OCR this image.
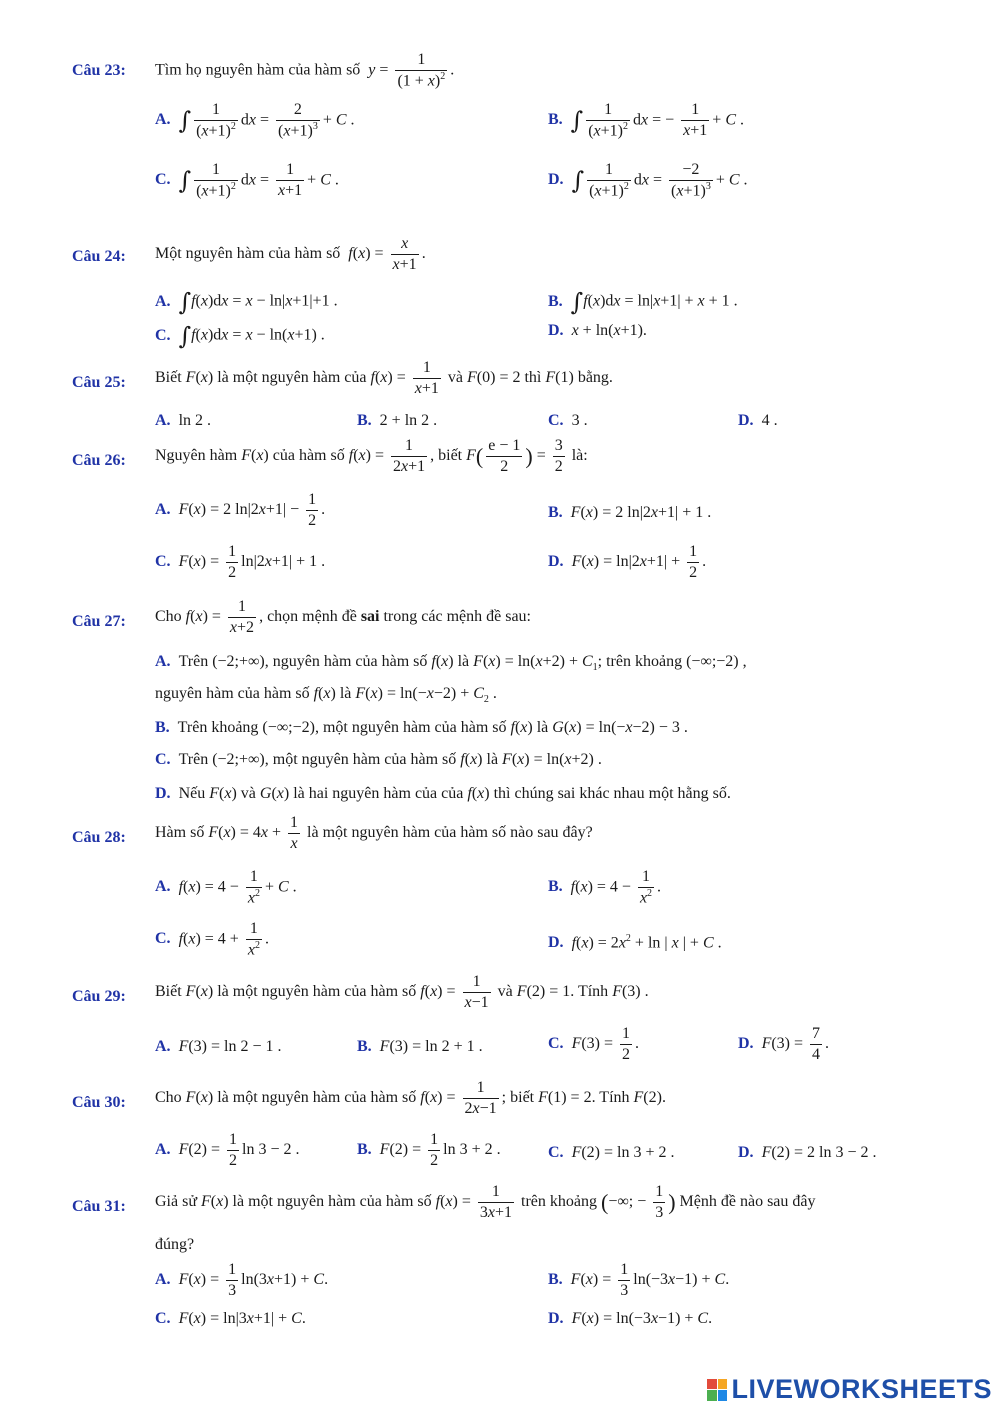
Câu 23: Tìm họ nguyên hàm của hàm số  $y = \frac{1}{(1 + x)^2}$ .
A. ∫ $\frac{1}{(x+1)^2}$ dx = $\frac{2}{(x+1)^3} + C$ .	B. ∫ $\frac{1}{(x+1)^2}$ dx = − $\frac{1}{x+1} + C$ .
C. ∫ $\frac{1}{(x+1)^2}$ dx = $\frac{1}{x+1} + C$ .	D. ∫ $\frac{1}{(x+1)^2}$ dx = $\frac{-2}{(x+1)^3} + C$ .
Câu 24: Một nguyên hàm của hàm số  $f(x) = \frac{x}{x+1}$ .
A. ∫f(x)dx = x − ln|x+1|+1 .	B. ∫f(x)dx = ln|x+1| + x + 1 .
C. ∫f(x)dx = x − ln(x+1) .	D. x + ln(x+1).
Câu 25: Biết F(x) là một nguyên hàm của $f(x) = \frac{1}{x+1}$ và F(0) = 2 thì F(1) bằng.
A. ln 2 .	B. 2 + ln 2 .	C. 3 .	D. 4 .
Câu 26: Nguyên hàm F(x) của hàm số $f(x) = \frac{1}{2x+1}$ , biết $F( \frac{e - 1}{2}$ ) = $\frac{3}{2}$ là:
A. F(x) = 2 $\ln|2x+1| - \frac{1}{2}$ .	B. F(x) = 2 ln|2x+1| + 1 .
C. $F(x) = \frac{1}{2} \ln|2x+1| + 1$ .	D. $F(x) = \ln|2x+1| + \frac{1}{2}$ .
Câu 27: Cho $f(x) = \frac{1}{x+2}$ , chọn mệnh đề sai trong các mệnh đề sau:
A. Trên (−2;+∞), nguyên hàm của hàm số f(x) là $F(x) = \ln(x+2) + C_1$; trên khoảng (−∞;−2) ,
nguyên hàm của hàm số f(x) là $F(x) = \ln(-x-2) + C_2$ .
B. Trên khoảng (−∞;−2), một nguyên hàm của hàm số f(x) là G(x) = ln(−x−2) − 3 .
C. Trên (−2;+∞), một nguyên hàm của hàm số f(x) là F(x) = ln(x+2) .
D. Nếu F(x) và G(x) là hai nguyên hàm của của f(x) thì chúng sai khác nhau một hằng số.
Câu 28: Hàm số $F(x) = 4x + \frac{1}{x}$ là một nguyên hàm của hàm số nào sau đây?
A. $f(x) = 4 - \frac{1}{x^2} + C$ .	B. $f(x) = 4 - \frac{1}{x^2}$ .
C. $f(x) = 4 + \frac{1}{x^2}$ .	D. $f(x) = 2x^2 + \ln$ | x | + C .
Câu 29: Biết F(x) là một nguyên hàm của hàm số $f(x) = \frac{1}{x-1}$ và F(2) = 1. Tính F(3) .
A. F(3) = ln 2 − 1 .	B. F(3) = ln 2 + 1 .	C. $F(3) = \frac{1}{2}$ .	D. $F(3) = \frac{7}{4}$ .
Câu 30: Cho F(x) là một nguyên hàm của hàm số $f(x) = \frac{1}{2x-1}$ ; biết F(1) = 2. Tính F(2).
A. $F(2) = \frac{1}{2}$ ln 3 − 2 .	B. $F(2) = \frac{1}{2}$ ln 3 + 2 .	C. F(2) = ln 3 + 2 .	D. F(2) = 2 ln 3 − 2 .
Câu 31: Giả sử F(x) là một nguyên hàm của hàm số $f(x) = \frac{1}{3x+1}$ trên khoảng (−∞; − $\frac{1}{3}$ ) Mệnh đề nào sau đây
đúng?
A. $F(x) = \frac{1}{3} \ln(3x+1) + C$.	B. $F(x) = \frac{1}{3} \ln(-3x-1) + C$.
C. F(x) = ln|3x+1| + C.	D. F(x) = ln(−3x−1) + C.
LIVEWORKSHEETS
